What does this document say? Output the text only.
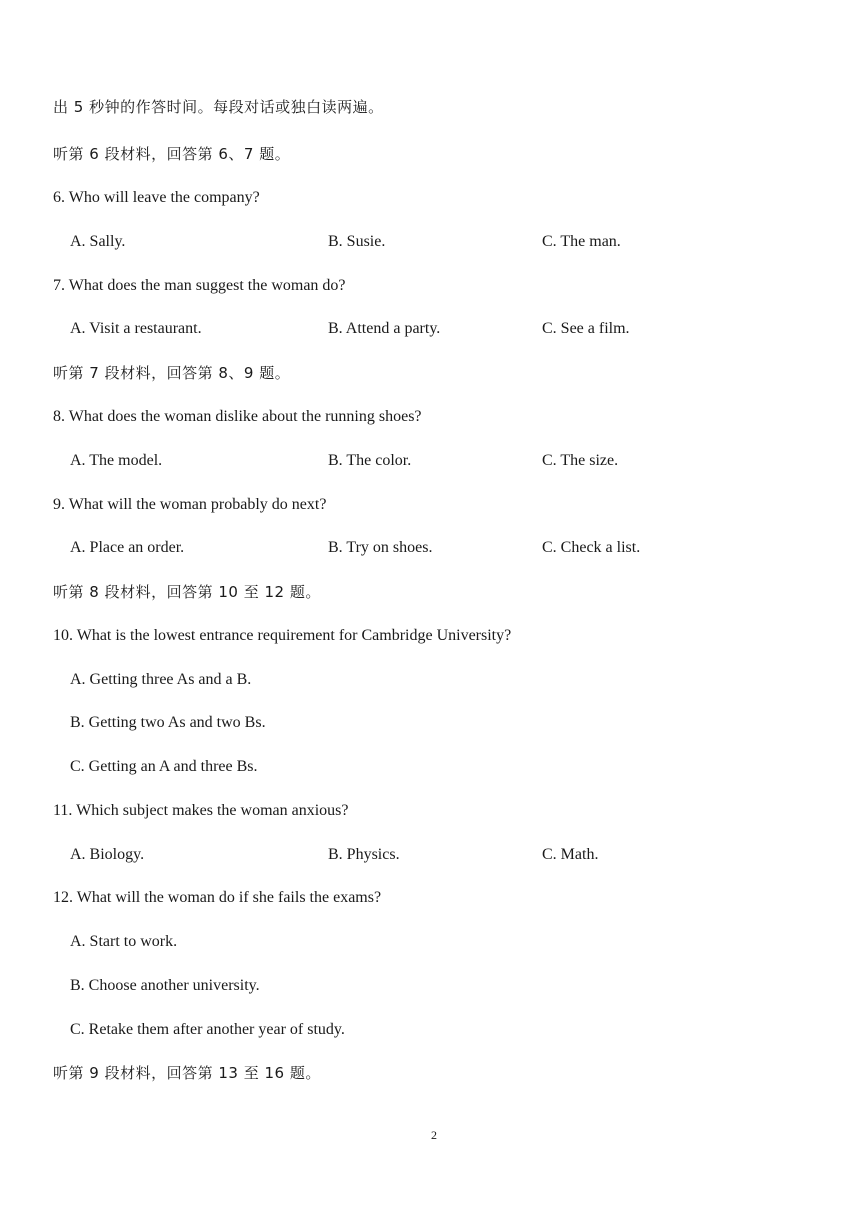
出 5 秒钟的作答时间。每段对话或独白读两遍。
听第 6 段材料，回答第 6、7 题。
6. Who will leave the company?
A. Sally.	B. Susie.	C. The man.
7. What does the man suggest the woman do?
A. Visit a restaurant.	B. Attend a party.	C. See a film.
听第 7 段材料，回答第 8、9 题。
8. What does the woman dislike about the running shoes?
A. The model.	B. The color.	C. The size.
9. What will the woman probably do next?
A. Place an order.	B. Try on shoes.	C. Check a list.
听第 8 段材料，回答第 10 至 12 题。
10. What is the lowest entrance requirement for Cambridge University?
A. Getting three As and a B.
B. Getting two As and two Bs.
C. Getting an A and three Bs.
11. Which subject makes the woman anxious?
A. Biology.	B. Physics.	C. Math.
12. What will the woman do if she fails the exams?
A. Start to work.
B. Choose another university.
C. Retake them after another year of study.
听第 9 段材料，回答第 13 至 16 题。
2
